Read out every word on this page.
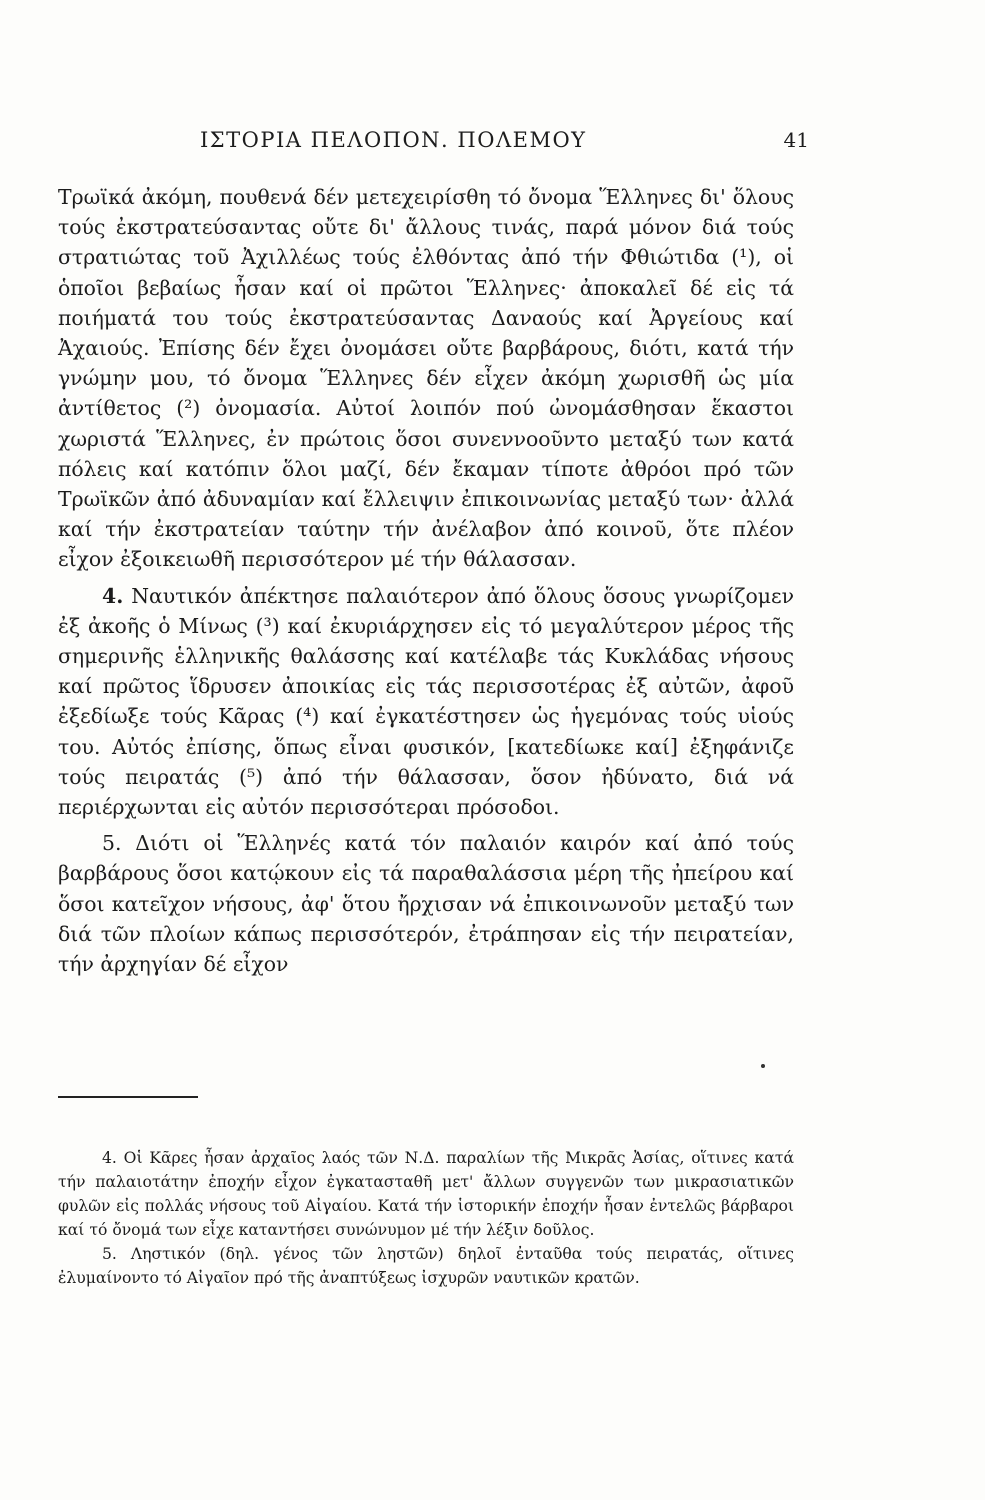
ΙΣΤΟΡΙΑ ΠΕΛΟΠΟΝ. ΠΟΛΕΜΟΥ	41

Τρωϊκά ἀκόμη, πουθενά δέν μετεχειρίσθη τό ὄνομα Ἕλληνες δι' ὅλους τούς ἐκστρατεύσαντας οὔτε δι' ἄλλους τινάς, παρά μόνον διά τούς στρατιώτας τοῦ Ἀχιλλέως τούς ἐλθόντας ἀπό τήν Φθιώτιδα (¹), οἱ ὁποῖοι βεβαίως ἦσαν καί οἱ πρῶτοι Ἕλληνες· ἀποκαλεῖ δέ εἰς τά ποιήματά του τούς ἐκστρατεύσαντας Δαναούς καί Ἀργείους καί Ἀχαιούς. Ἐπίσης δέν ἔχει ὀνομάσει οὔτε βαρβάρους, διότι, κατά τήν γνώμην μου, τό ὄνομα Ἕλληνες δέν εἶχεν ἀκόμη χωρισθῆ ὡς μία ἀντίθετος (²) ὀνομασία. Αὐτοί λοιπόν πού ὠνομάσθησαν ἕκαστοι χωριστά Ἕλληνες, ἐν πρώτοις ὅσοι συνεννοοῦντο μεταξύ των κατά πόλεις καί κατόπιν ὅλοι μαζί, δέν ἔκαμαν τίποτε ἀθρόοι πρό τῶν Τρωϊκῶν ἀπό ἀδυναμίαν καί ἔλλειψιν ἐπικοινωνίας μεταξύ των· ἀλλά καί τήν ἐκστρατείαν ταύτην τήν ἀνέλαβον ἀπό κοινοῦ, ὅτε πλέον εἶχον ἐξοικειωθῆ περισσότερον μέ τήν θάλασσαν.

4. Ναυτικόν ἀπέκτησε παλαιότερον ἀπό ὅλους ὅσους γνωρίζομεν ἐξ ἀκοῆς ὁ Μίνως (³) καί ἐκυριάρχησεν εἰς τό μεγαλύτερον μέρος τῆς σημερινῆς ἑλληνικῆς θαλάσσης καί κατέλαβε τάς Κυκλάδας νήσους καί πρῶτος ἵδρυσεν ἀποικίας εἰς τάς περισσοτέρας ἐξ αὐτῶν, ἀφοῦ ἐξεδίωξε τούς Κᾶρας (⁴) καί ἐγκατέστησεν ὡς ἡγεμόνας τούς υἱούς του. Αὐτός ἐπίσης, ὅπως εἶναι φυσικόν, [κατεδίωκε καί] ἐξηφάνιζε τούς πειρατάς (⁵) ἀπό τήν θάλασσαν, ὅσον ἠδύνατο, διά νά περιέρχωνται εἰς αὐτόν περισσότεραι πρόσοδοι.

5. Διότι οἱ Ἕλληνές κατά τόν παλαιόν καιρόν καί ἀπό τούς βαρβάρους ὅσοι κατῴκουν εἰς τά παραθαλάσσια μέρη τῆς ἠπείρου καί ὅσοι κατεῖχον νήσους, ἀφ' ὅτου ἤρχισαν νά ἐπικοινωνοῦν μεταξύ των διά τῶν πλοίων κάπως περισσότερόν, ἐτράπησαν εἰς τήν πειρατείαν, τήν ἀρχηγίαν δέ εἶχον

4. Οἱ Κᾶρες ἦσαν ἀρχαῖος λαός τῶν Ν.Δ. παραλίων τῆς Μικρᾶς Ἀσίας, οἵτινες κατά τήν παλαιοτάτην ἐποχήν εἶχον ἐγκατασταθῆ μετ' ἄλλων συγγενῶν των μικρασιατικῶν φυλῶν εἰς πολλάς νήσους τοῦ Αἰγαίου. Κατά τήν ἱστορικήν ἐποχήν ἦσαν ἐντελῶς βάρβαροι καί τό ὄνομά των εἶχε καταντήσει συνώνυμον μέ τήν λέξιν δοῦλος.

5. Ληστικόν (δηλ. γένος τῶν ληστῶν) δηλοῖ ἐνταῦθα τούς πειρατάς, οἵτινες ἐλυμαίνοντο τό Αἰγαῖον πρό τῆς ἀναπτύξεως ἰσχυρῶν ναυτικῶν κρατῶν.
